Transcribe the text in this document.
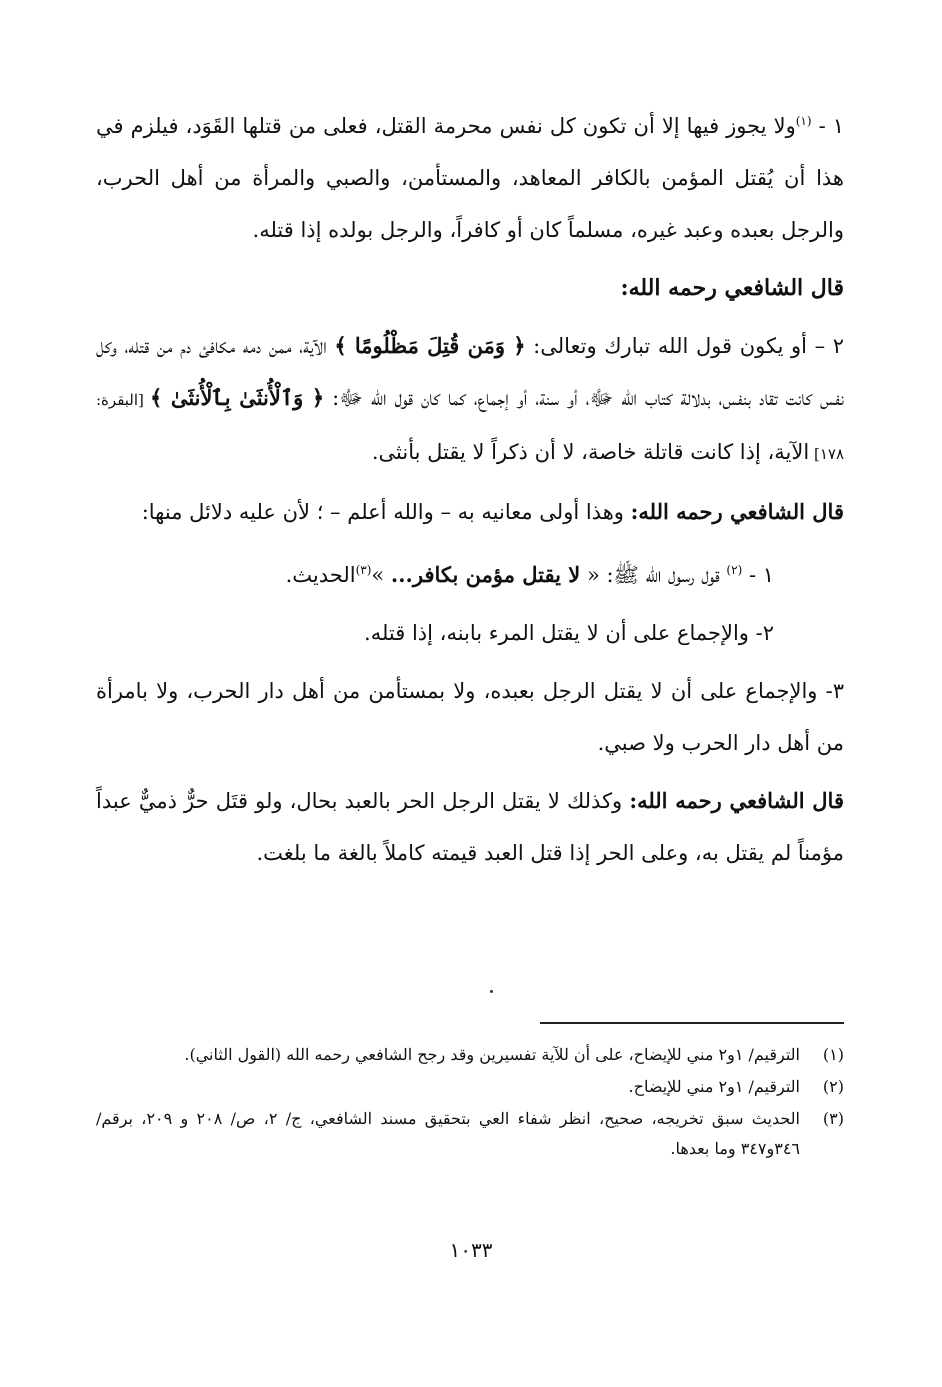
١ - $^{(١)}$ولا يجوز فيها إلا أن تكون كل نفس محرمة القتل، فعلى من قتلها القَوَد، فيلزم في هذا أن يُقتل المؤمن بالكافر المعاهد، والمستأمن، والصبي والمرأة من أهل الحرب، والرجل بعبده وعبد غيره، مسلماً كان أو كافراً، والرجل بولده إذا قتله.

قال الشافعي رحمه الله:

٢ – أو يكون قول الله تبارك وتعالى: ﴿ وَمَن قُتِلَ مَظْلُومًا ﴾ الآية، ممن دمه مكافئ دم من قتله، وكل نفس كانت تقاد بنفس، بدلالة كتاب الله ﷻ، أو سنة، أو إجماع، كما كان قول الله ﷻ: ﴿ وَٱلْأُنثَىٰ بِٱلْأُنثَىٰ ﴾ [البقرة: ١٧٨] الآية، إذا كانت قاتلة خاصة، لا أن ذكراً لا يقتل بأنثى.

قال الشافعي رحمه الله: وهذا أولى معانيه به – والله أعلم – ؛ لأن عليه دلائل منها:

١ - $^{(٢)}$ قول رسول الله ﷺ: « لا يقتل مؤمن بكافر... »$^{(٣)}$الحديث.

٢- والإجماع على أن لا يقتل المرء بابنه، إذا قتله.

٣- والإجماع على أن لا يقتل الرجل بعبده، ولا بمستأمن من أهل دار الحرب، ولا بامرأة من أهل دار الحرب ولا صبي.

قال الشافعي رحمه الله: وكذلك لا يقتل الرجل الحر بالعبد بحال، ولو قتَل حرٌّ ذميٌّ عبداً مؤمناً لم يقتل به، وعلى الحر إذا قتل العبد قيمته كاملاً بالغة ما بلغت.

(١)
الترقيم/ ١و٢ مني للإيضاح، على أن للآية تفسيرين وقد رجح الشافعي رحمه الله (القول الثاني).
(٢)
الترقيم/ ١و٢ مني للإيضاح.
(٣)
الحديث سبق تخريجه، صحيح، انظر شفاء العي بتحقيق مسند الشافعي، ج/ ٢، ص/ ٢٠٨ و ٢٠٩، برقم/ ٣٤٦و٣٤٧ وما بعدها.
١٠٣٣
